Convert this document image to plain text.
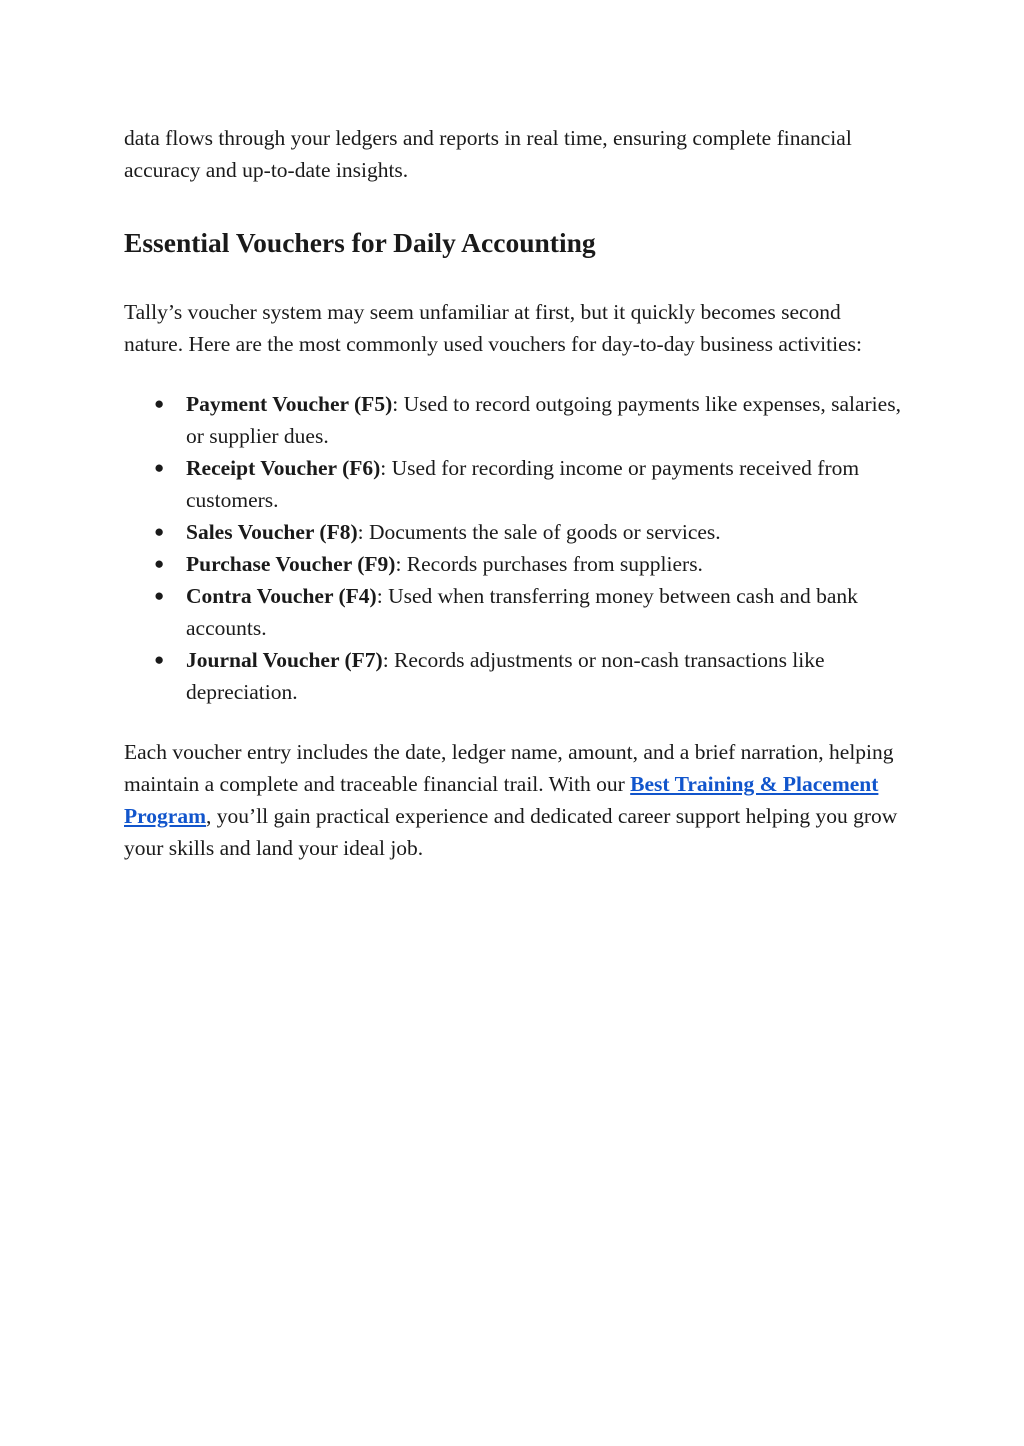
data flows through your ledgers and reports in real time, ensuring complete financial accuracy and up-to-date insights.

Essential Vouchers for Daily Accounting

Tally’s voucher system may seem unfamiliar at first, but it quickly becomes second nature. Here are the most commonly used vouchers for day-to-day business activities:

● Payment Voucher (F5): Used to record outgoing payments like expenses, salaries, or supplier dues.
● Receipt Voucher (F6): Used for recording income or payments received from customers.
● Sales Voucher (F8): Documents the sale of goods or services.
● Purchase Voucher (F9): Records purchases from suppliers.
● Contra Voucher (F4): Used when transferring money between cash and bank accounts.
● Journal Voucher (F7): Records adjustments or non-cash transactions like depreciation.

Each voucher entry includes the date, ledger name, amount, and a brief narration, helping maintain a complete and traceable financial trail. With our Best Training & Placement Program, you’ll gain practical experience and dedicated career support helping you grow your skills and land your ideal job.
